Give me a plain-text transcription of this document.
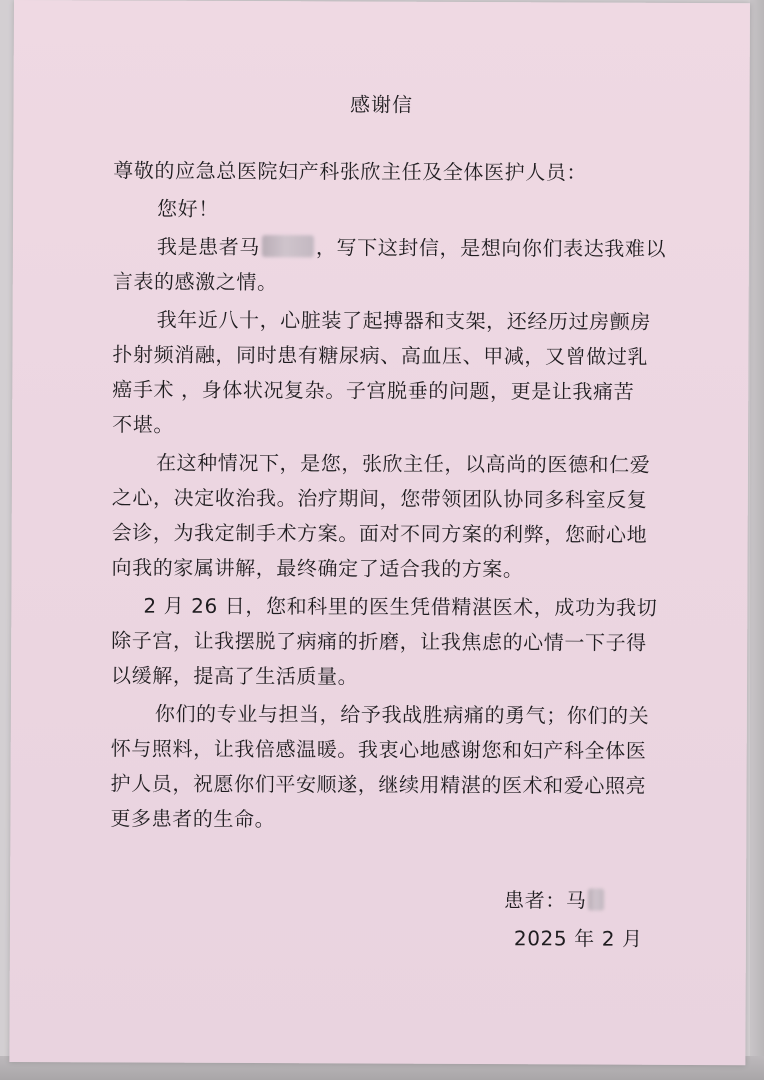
感谢信
尊敬的应急总医院妇产科张欣主任及全体医护人员：
您好！
我是患者马	，写下这封信，是想向你们表达我难以
言表的感激之情。
我年近八十，心脏装了起搏器和支架，还经历过房颤房
扑射频消融，同时患有糖尿病、高血压、甲减，又曾做过乳
癌手术 ，身体状况复杂。子宫脱垂的问题，更是让我痛苦
不堪。
在这种情况下，是您，张欣主任，以高尚的医德和仁爱
之心，决定收治我。治疗期间，您带领团队协同多科室反复
会诊，为我定制手术方案。面对不同方案的利弊，您耐心地
向我的家属讲解，最终确定了适合我的方案。
2 月 26 日，您和科里的医生凭借精湛医术，成功为我切
除子宫，让我摆脱了病痛的折磨，让我焦虑的心情一下子得
以缓解，提高了生活质量。
你们的专业与担当，给予我战胜病痛的勇气；你们的关
怀与照料，让我倍感温暖。我衷心地感谢您和妇产科全体医
护人员，祝愿你们平安顺遂，继续用精湛的医术和爱心照亮
更多患者的生命。
患者：马
2025 年 2 月
